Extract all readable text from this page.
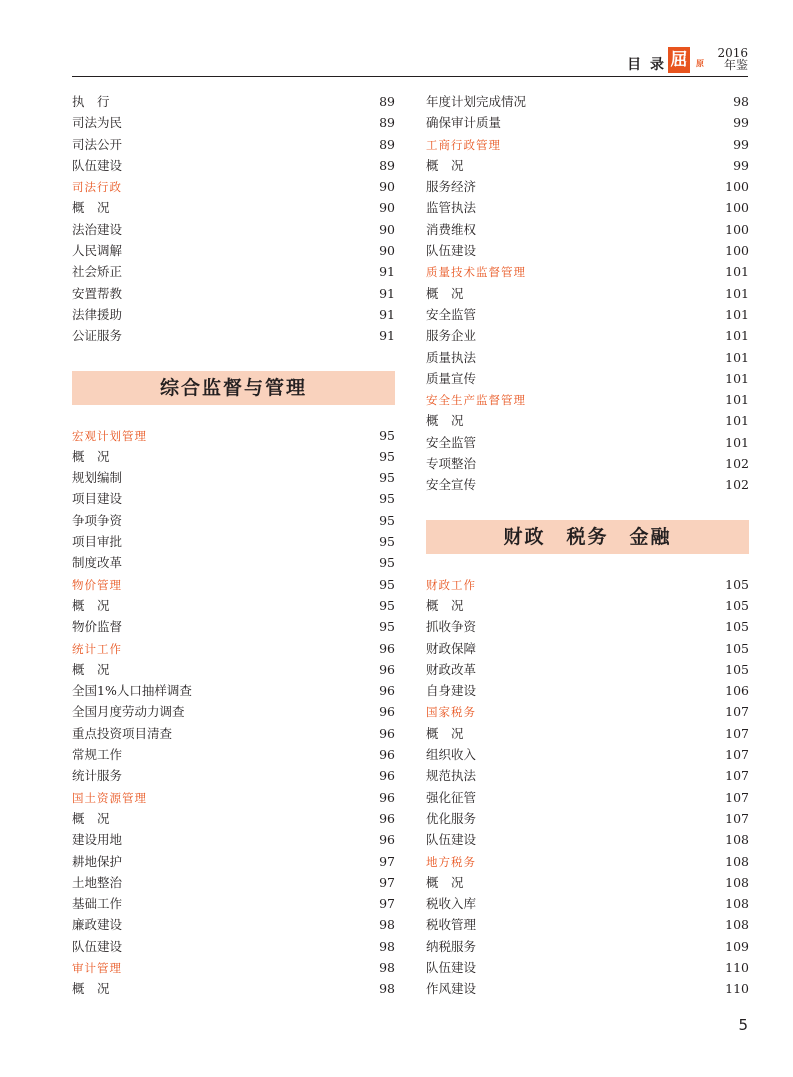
目 录 屈	原
2016
年鉴
执　行	89
司法为民	89
司法公开	89
队伍建设	89
司法行政	90
概　况	90
法治建设	90
人民调解	90
社会矫正	91
安置帮教	91
法律援助	91
公证服务	91
综合监督与管理
宏观计划管理	95
概　况	95
规划编制	95
项目建设	95
争项争资	95
项目审批	95
制度改革	95
物价管理	95
概　况	95
物价监督	95
统计工作	96
概　况	96
全国1%人口抽样调查	96
全国月度劳动力调查	96
重点投资项目清查	96
常规工作	96
统计服务	96
国土资源管理	96
概　况	96
建设用地	96
耕地保护	97
土地整治	97
基础工作	97
廉政建设	98
队伍建设	98
审计管理	98
概　况	98
年度计划完成情况	98
确保审计质量	99
工商行政管理	99
概　况	99
服务经济	100
监管执法	100
消费维权	100
队伍建设	100
质量技术监督管理	101
概　况	101
安全监管	101
服务企业	101
质量执法	101
质量宣传	101
安全生产监督管理	101
概　况	101
安全监管	101
专项整治	102
安全宣传	102
财政　税务　金融
财政工作	105
概　况	105
抓收争资	105
财政保障	105
财政改革	105
自身建设	106
国家税务	107
概　况	107
组织收入	107
规范执法	107
强化征管	107
优化服务	107
队伍建设	108
地方税务	108
概　况	108
税收入库	108
税收管理	108
纳税服务	109
队伍建设	110
作风建设	110
5
